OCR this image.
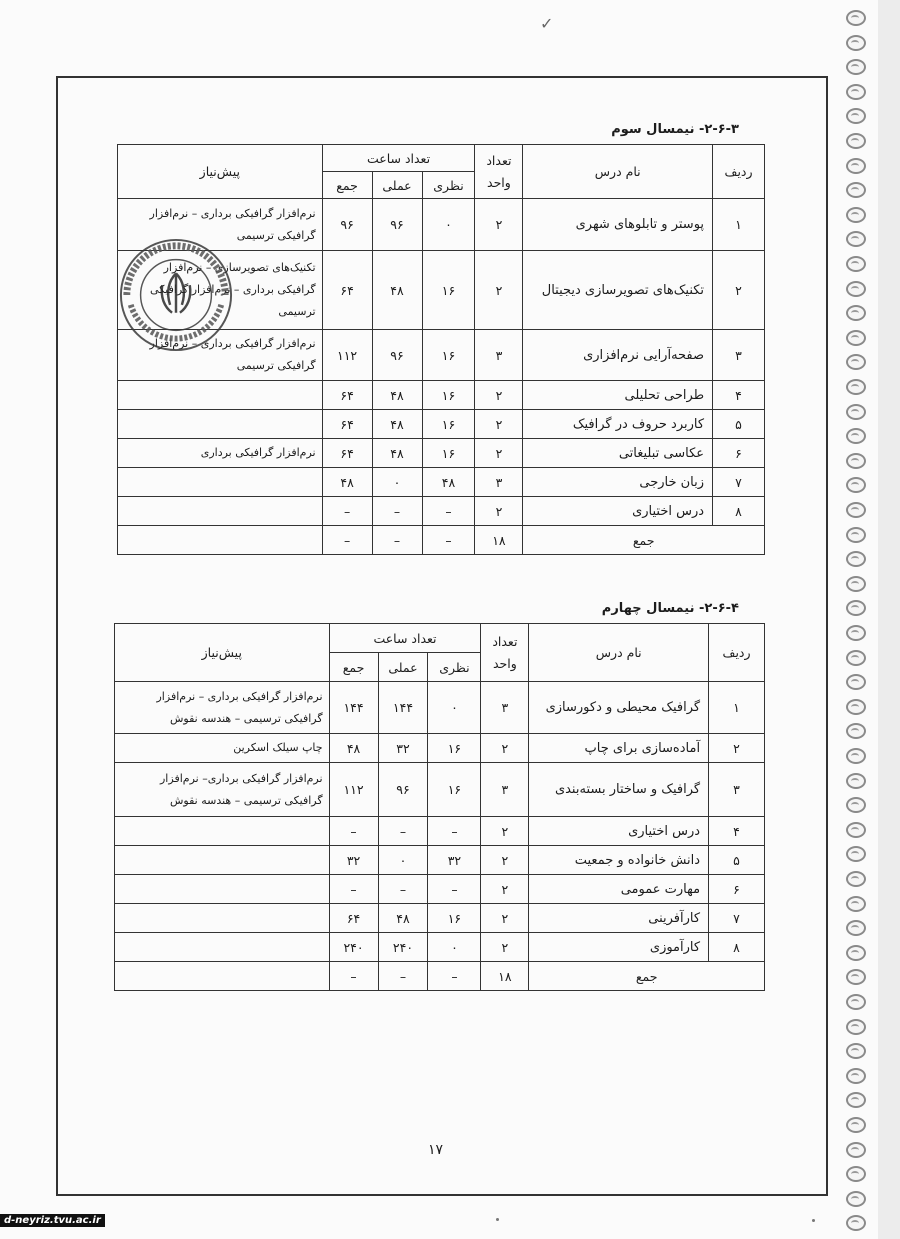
✓
۲-۶-۳- نیمسال سوم
ردیف	نام درس	تعداد واحد	تعداد ساعت			پیش‌نیاز
			نظری	عملی	جمع	
۱	پوستر و تابلوهای شهری	۲	۰	۹۶	۹۶	نرم‌افزار گرافیکی برداری – نرم‌افزار گرافیکی ترسیمی
۲	تکنیک‌های تصویرسازی دیجیتال	۲	۱۶	۴۸	۶۴	تکنیک‌های تصویرسازی – نرم‌افزار گرافیکی برداری – نرم‌افزار گرافیکی ترسیمی
۳	صفحه‌آرایی نرم‌افزاری	۳	۱۶	۹۶	۱۱۲	نرم‌افزار گرافیکی برداری – نرم‌افزار گرافیکی ترسیمی
۴	طراحی تحلیلی	۲	۱۶	۴۸	۶۴	
۵	کاربرد حروف در گرافیک	۲	۱۶	۴۸	۶۴	
۶	عکاسی تبلیغاتی	۲	۱۶	۴۸	۶۴	نرم‌افزار گرافیکی برداری
۷	زبان خارجی	۳	۴۸	۰	۴۸	
۸	درس اختیاری	۲	–	–	–	
جمع		۱۸	–	–	–	
۲-۶-۴- نیمسال چهارم
ردیف	نام درس	تعداد واحد	تعداد ساعت			پیش‌نیاز
			نظری	عملی	جمع	
۱	گرافیک محیطی و دکورسازی	۳	۰	۱۴۴	۱۴۴	نرم‌افزار گرافیکی برداری – نرم‌افزار گرافیکی ترسیمی – هندسه نقوش
۲	آماده‌سازی برای چاپ	۲	۱۶	۳۲	۴۸	چاپ سیلک اسکرین
۳	گرافیک و ساختار بسته‌بندی	۳	۱۶	۹۶	۱۱۲	نرم‌افزار گرافیکی برداری– نرم‌افزار گرافیکی ترسیمی – هندسه نقوش
۴	درس اختیاری	۲	–	–	–	
۵	دانش خانواده و جمعیت	۲	۳۲	۰	۳۲	
۶	مهارت عمومی	۲	–	–	–	
۷	کارآفرینی	۲	۱۶	۴۸	۶۴	
۸	کارآموزی	۲	۰	۲۴۰	۲۴۰	
جمع		۱۸	–	–	–	
۱۷
d-neyriz.tvu.ac.ir
